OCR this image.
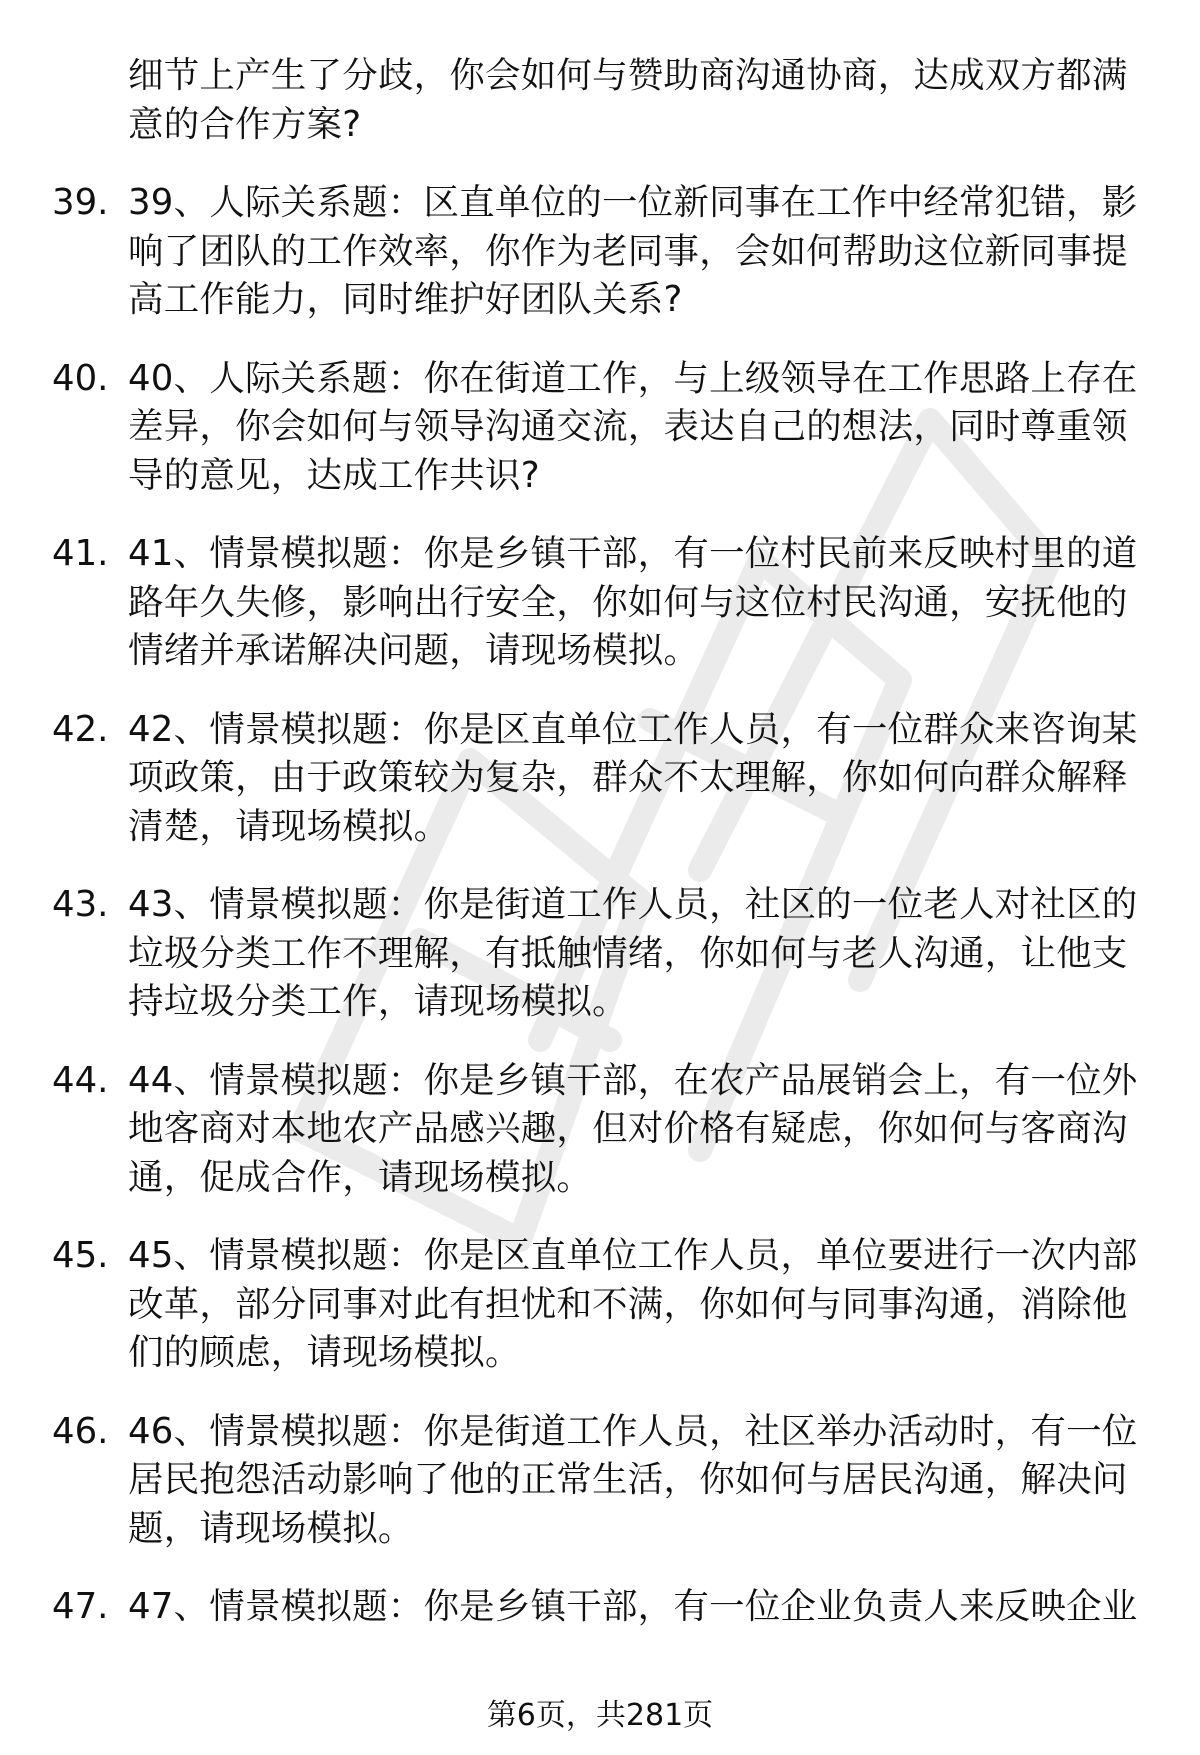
细节上产生了分歧，你会如何与赞助商沟通协商，达成双方都满意的合作方案?
39. 39、人际关系题：区直单位的一位新同事在工作中经常犯错，影响了团队的工作效率，你作为老同事，会如何帮助这位新同事提高工作能力，同时维护好团队关系?
40. 40、人际关系题：你在街道工作，与上级领导在工作思路上存在差异，你会如何与领导沟通交流，表达自己的想法，同时尊重领导的意见，达成工作共识?
41. 41、情景模拟题：你是乡镇干部，有一位村民前来反映村里的道路年久失修，影响出行安全，你如何与这位村民沟通，安抚他的情绪并承诺解决问题，请现场模拟。
42. 42、情景模拟题：你是区直单位工作人员，有一位群众来咨询某项政策，由于政策较为复杂，群众不太理解，你如何向群众解释清楚，请现场模拟。
43. 43、情景模拟题：你是街道工作人员，社区的一位老人对社区的垃圾分类工作不理解，有抵触情绪，你如何与老人沟通，让他支持垃圾分类工作，请现场模拟。
44. 44、情景模拟题：你是乡镇干部，在农产品展销会上，有一位外地客商对本地农产品感兴趣，但对价格有疑虑，你如何与客商沟通，促成合作，请现场模拟。
45. 45、情景模拟题：你是区直单位工作人员，单位要进行一次内部改革，部分同事对此有担忧和不满，你如何与同事沟通，消除他们的顾虑，请现场模拟。
46. 46、情景模拟题：你是街道工作人员，社区举办活动时，有一位居民抱怨活动影响了他的正常生活，你如何与居民沟通，解决问题，请现场模拟。
47. 47、情景模拟题：你是乡镇干部，有一位企业负责人来反映企业
第6页，共281页
